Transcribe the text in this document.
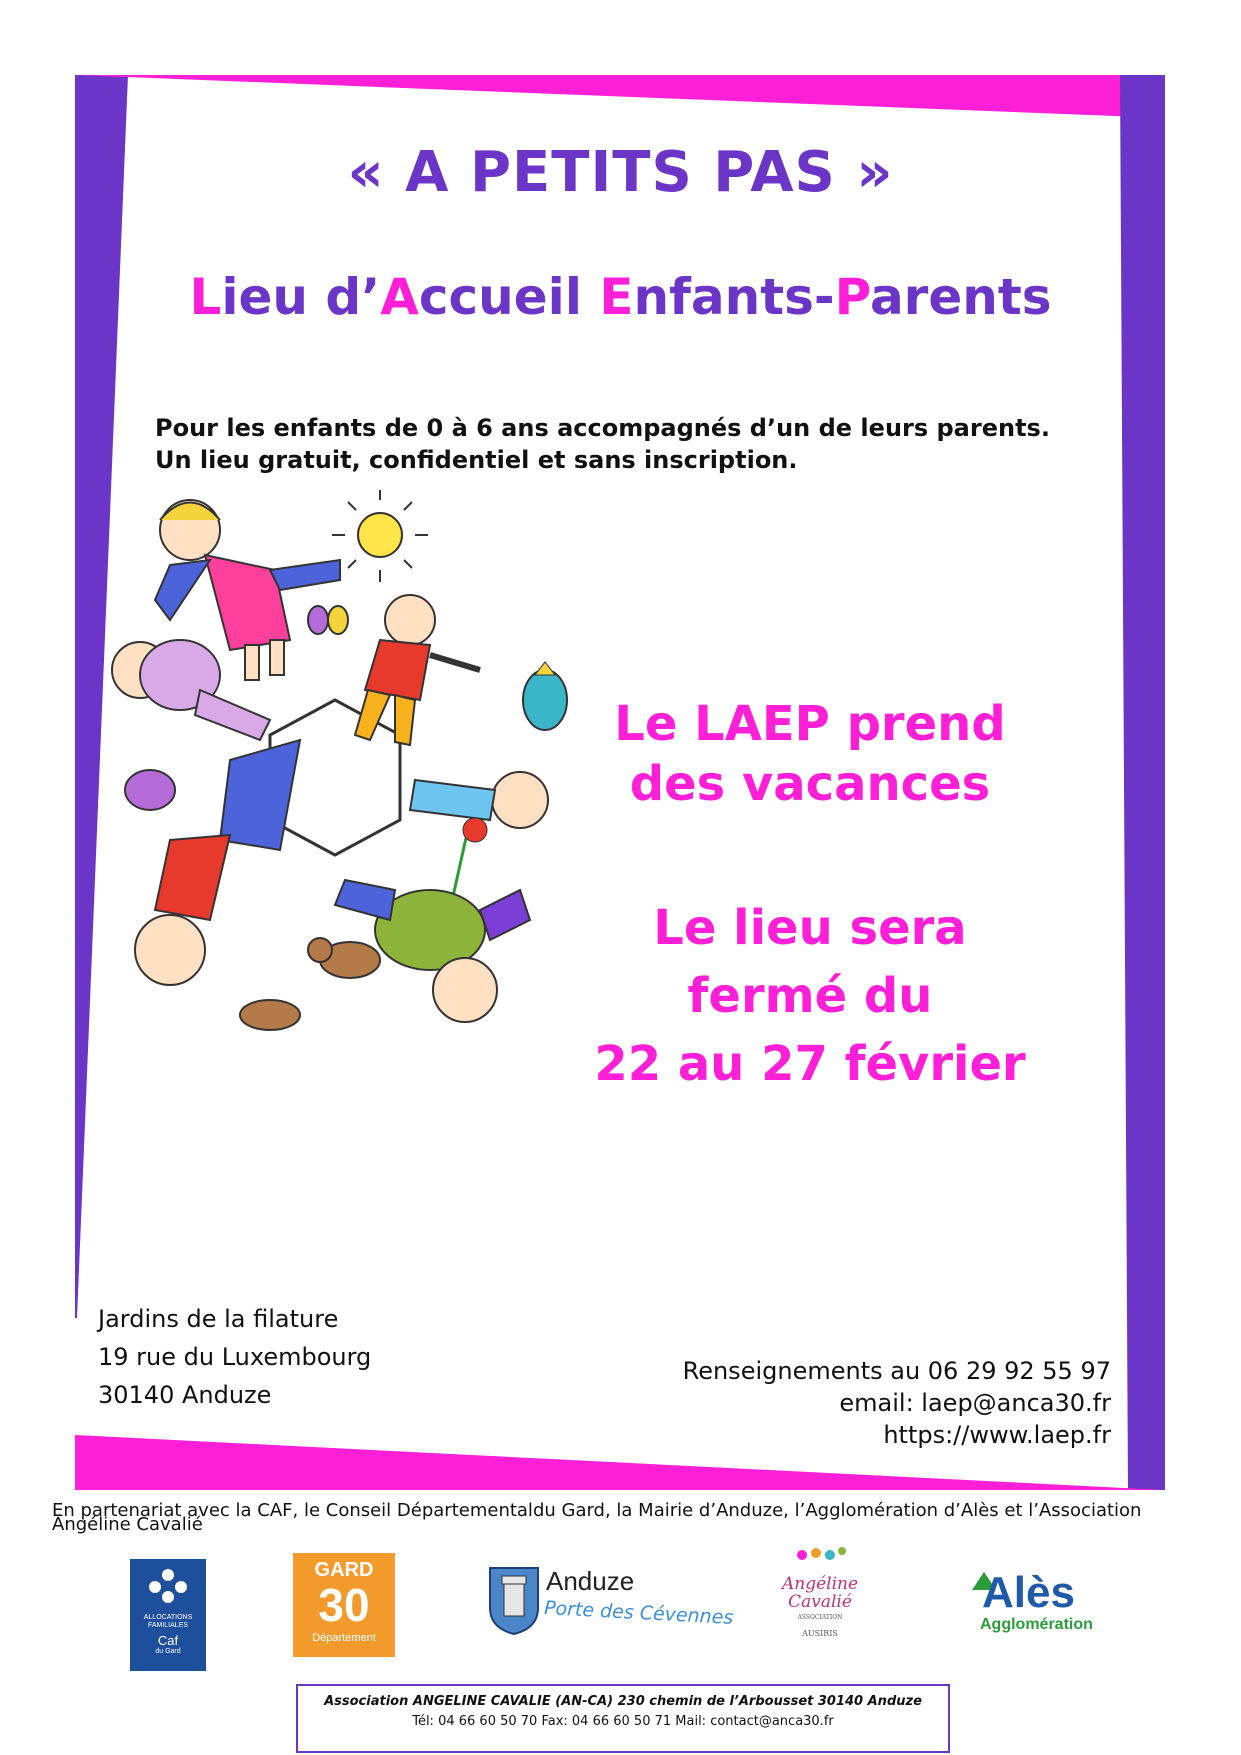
« A PETITS PAS »
Lieu d’Accueil Enfants-Parents
Pour les enfants de 0 à 6 ans accompagnés d’un de leurs parents.
Un lieu gratuit, confidentiel et sans inscription.
Le LAEP prend
des vacances
Le lieu sera
fermé du
22 au 27 février
Jardins de la filature
19 rue du Luxembourg
30140 Anduze
Renseignements au 06 29 92 55 97
email: laep@anca30.fr
https://www.laep.fr
En partenariat avec la CAF, le Conseil Départementaldu Gard, la Mairie d’Anduze, l’Agglomération d’Alès et l’Association Angéline Cavalié
ALLOCATIONS
FAMILIALES
Caf
du Gard
GARD
30
Département
Anduze
Porte des Cévennes
Angéline
Cavalié
ASSOCIATION
AUSIRIS
Alès
Agglomération
Association ANGELINE CAVALIE (AN-CA) 230 chemin de l’Arbousset 30140 Anduze
Tél: 04 66 60 50 70 Fax: 04 66 60 50 71 Mail: contact@anca30.fr
